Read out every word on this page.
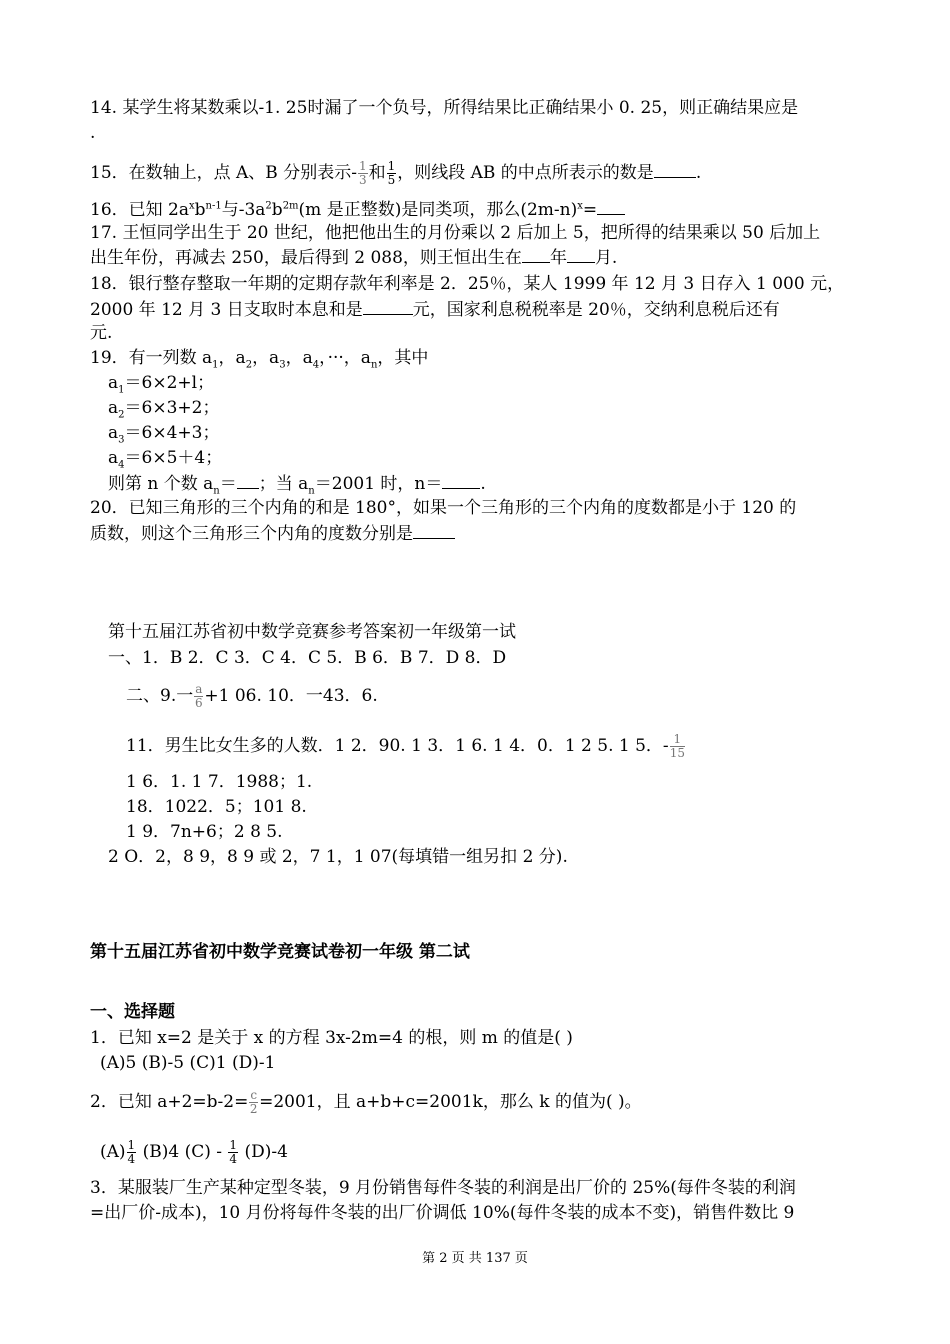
14. 某学生将某数乘以-1. 25时漏了一个负号，所得结果比正确结果小 0. 25，则正确结果应是
.
15．在数轴上，点 A、B 分别表示- $\frac{1}{3}$ 和 $\frac{1}{5}$ ，则线段 AB 的中点所表示的数是 .
16．已知 $2a^xb^{n-1}$与$-3a^2b^{2m}(m$ 是正整数)是同类项，那么$(2m-n)^x=$
17. 王恒同学出生于 20 世纪，他把他出生的月份乘以 2 后加上 5，把所得的结果乘以 50 后加上
出生年份，再减去 250，最后得到 2 088，则王恒出生在 年 月.
18．银行整存整取一年期的定期存款年利率是 2．25％，某人 1999 年 12 月 3 日存入 1 000 元，
2000 年 12 月 3 日支取时本息和是	元，国家利息税税率是 20％，交纳利息税后还有
元.
19．有一列数 $a_1$，$a_2$，$a_3$，$a_4$，···，$a_n$，其中
$a_1=6\times 2+l$；
$a_2=6\times 3+2$；
$a_3=6\times 4+3$；
$a_4=6\times 5+4$；
则第 n 个数 $a_n=$ ；当 $a_n=2001$ 时，n＝ .
20．已知三角形的三个内角的和是 180°，如果一个三角形的三个内角的度数都是小于 120 的
质数，则这个三角形三个内角的度数分别是
第十五届江苏省初中数学竞赛参考答案初一年级第一试
一、1．B 2．C 3．C 4．C 5．B 6．B 7．D 8．D
二、9.一 $\frac{a}{6} +1$ 06. 10．一43．6.
11．男生比女生多的人数．1 2．90. 1 3．1 6. 1 4．0．1 2 5. 1 5．- $\frac{1}{15}$
1 6．1. 1 7．1988；1.
18．1022．5；101 8.
1 9．7n+6；2 8 5.
2 O．2，8 9，8 9 或 2，7 1，1 07(每填错一组另扣 2 分).
第十五届江苏省初中数学竞赛试卷初一年级 第二试
一、选择题
1．已知 x=2 是关于 x 的方程 3x-2m=4 的根，则 m 的值是( )
(A)5 (B)-5 (C)1 (D)-1
2．已知 $a+2=b-2= \frac{c}{2} =2001$，且 a+b+c=2001k，那么 k 的值为( )。
$(A) \frac{1}{4} (B)4$ $(C) - \frac{1}{4} (D)-4$
3．某服装厂生产某种定型冬装，9 月份销售每件冬装的利润是出厂价的 25%(每件冬装的利润
=出厂价-成本)，10 月份将每件冬装的出厂价调低 10%(每件冬装的成本不变)，销售件数比 9
第 2 页 共 137 页
